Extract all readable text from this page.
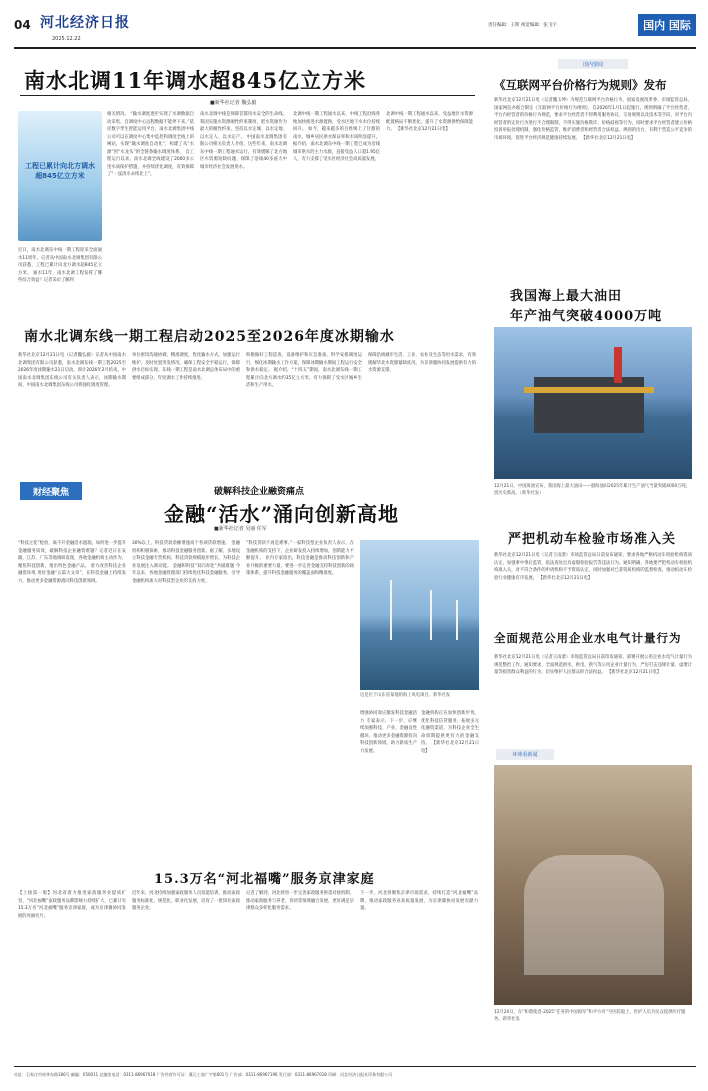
04 河北经济日报
2025.12.22
责任编辑：王斯 视觉编辑：张飞宇	国内 国际
南水北调11年调水超845亿立方米
■新华社记者 魏弘毅
工程已累计向北方调水 超845亿立方米
近日，南水北调东中线一期工程迎来全面通水11周年。记者从中国南水北调集团有限公司获悉，工程已累计向北方调水超845亿立方米。 通水11年，南水北调工程发挥了哪些综合效益？记者采访了解到
相关情况。 “输水调度逐步实现了水调数据自动采集、自调度中心远程数据不能停下来。”依托数字孪生智能运用平台，南水北调集团中线公司可以在调度中心集中监控和调度全线上的闸站，实现“输水调度自动化”，构建了从“水源”到“水龙头”的全链条输水调度体系。 自工程运行以来，南水北调全线建设了2000多公里水质保护措施，并持续优化调度，有效保障了“一泓清水永续北上”。
南水北调中线是保障首都用水安全的生命线。 我国实施水资源刚性约束制度，把水资源作为最大的刚性约束，坚持以水定城、以水定地、以水定人、以水定产。 中国南水北调集团有限公司相关负责人介绍，这些年来，南水北调东中线一期工程通水运行，有效缓解了北方地区水资源短缺问题，保障了沿线40多座大中城市经济社会发展用水。
北调中线一期工程通水以来，中线工程沿线各地加快推进水源置换，受水区地下水水位持续回升。 如今，越来越多的百姓喝上了甘甜的南水，城乡居民供水保证率和水质明显提升。 据介绍，南水北调东中线一期工程已成为沿线城市供水的主力水源，直接受益人口超1.95亿人，有力支撑了受水区经济社会高质量发展。
北调中线一期工程通水以来，受益地区水资源配置格局不断优化，提升了水资源供给保障能力。 【新华社北京12月21日电】
南水北调东线一期工程启动2025至2026年度冰期输水
新华社北京12月21日电（记者魏弘毅）记者从中国南水北调集团有限公司获悉，南水北调东线一期工程2025至2026年度冰期输水21日启动，预计2026年2月结束。中国南水北调集团东线公司有关负责人表示，冰期输水期间，中国南水北调集团东线公司将强化调度管理。
单位密切沟通协调，精准调度，优化输水方式，加强运行维护，及时处置突发情况，确保工程安全平稳运行，保障供水目标实现。东线一期工程是南水北调总体布局中的重要组成部分，年度调水工作持续推进。
积极做好工程巡查、设备维护和应急准备，科学安排调度运行，细化冰期输水工作方案，保障冰期输水期间工程运行安全和供水稳定。 据介绍，“十四五”期间，南水北调东线一期工程累计向北方调水约35亿立方米，有力保障了受水区城乡生活和生产用水。
保障沿线城市生活、工业、农业及生态等用水需求，有效缓解华北水资源紧缺状况，为京津冀协同发展提供有力的水资源支撑。
国内要闻
《互联网平台价格行为规则》发布
新华社北京12月21日电（记者魏玉坤）为规范互联网平台价格行为，国家发展改革委、市场监管总局、国家网信办联合制定《互联网平台价格行为规则》，自2026年1月1日起施行。规则明确了平台经营者、平台内经营者的价格行为规范，要求平台经营者不得利用服务协议、交易规则以及技术等手段，对平台内经营者的定价行为进行不合理限制，不得实施价格欺诈、价格歧视等行为，同时要求平台经营者建立价格投诉举报处理机制，强化价格监管，维护消费者和经营者合法权益。规则的出台，有利于营造公平竞争的市场环境，促进平台经济规范健康持续发展。 【新华社北京12月21日电】
我国海上最大油田
年产油气突破4000万吨
12月21日，中国海油宣布，我国海上最大油田——渤海油田2025年累计生产油气当量突破4000万吨，创历史新高。（新华社发）
严把机动车检验市场准入关
新华社北京12月21日电（记者王雨萧）市场监管总局日前发布通知，要求各地严格机动车检验机构资质认定，加强事中事后监管，依法查处出具虚假检验报告等违法行为。通知明确，各地要严把机动车检验机构准入关，对不符合条件的申请机构不予资质认定，同时加强对已获资质机构的监督检查，推动机动车检验行业健康有序发展。 【新华社北京12月21日电】
全面规范公用企业水电气计量行为
新华社北京12月21日电（记者王雨萧）市场监管总局日前印发通知，部署开展公用企业水电气计量行为规范整治工作。通知要求，全面规范供水、供电、供气等公用企业计量行为，严厉打击违规计量、虚增计量等损害群众利益的行为，切实维护人民群众的合法权益。 【新华社北京12月21日电】
财经聚焦	破解科技企业融资痛点
金融“活水”涌向创新高地
■新华社记者 吴丽 任军
“科技之花”绽放，离不开金融活水滋润。如何进一步提升金融服务质效，破解科技企业融资难题？记者近日在安徽、江苏、广东等地调研发现，各地金融机构主动作为，聚焦科技创新，推出特色金融产品。 着力改善科技企业融资环境 用好金融“五篇大文章”，在科技金融上持续发力，推动更多金融资源流向科技创新领域。
30%以上，科技贷款余额增速高于各项贷款增速。 金融机构积极探索，推动科技金融服务创新。据了解，多地设立科技金融专营机构，科技贷款规模稳步增长，为科技企业发展注入新动能。 金融和科技“双向奔赴”共破难题 今年以来，各地金融管理部门持续优化科技金融服务，引导金融机构加大对科技型企业的支持力度。
“科技贷款不再是难事。”一家科技型企业负责人表示，在金融机构的支持下，企业研发投入持续增加，创新能力不断提升。 业内专家指出，科技金融是推动科技创新和产业升级的重要力量，要进一步完善金融支持科技创新的政策体系，提升科技金融服务的覆盖面和精准度。
这是位于山东省某地的海上风电项目。新华社发
增强协同效应激发科技金融活力 专家表示，下一步，应继续加强科技、产业、金融良性循环，推动更多金融资源投向科技创新领域，助力新质生产力发展。
金融机构正在加快创新步伐，优化科技信贷服务，拓展多元化融资渠道，为科技企业全生命周期提供更有力的金融支持。 【新华社北京12月21日电】
15.3万名“河北福嘴”服务京津家庭
【上接第一版】河北省着力推进家政服务业提质扩容，“河北福嘴”家政服务品牌影响力持续扩大，已累计有15.3万名“河北福嘴”服务京津家庭，成为京津冀协同发展的亮丽名片。
近年来，河北持续加强家政服务人员技能培训，推动家政服务标准化、规范化、职业化发展，培育了一批知名家政服务企业。
记者了解到，河北将进一步完善家政服务供需对接机制，推动家政服务与养老、育幼等领域融合发展，更好满足京津群众多样化服务需求。
下一步，河北将聚焦京津市场需求，持续打造“河北福嘴”品牌，推动家政服务业高质量发展，为京津冀协同发展贡献力量。
环球看新闻
12月20日，在“和谐使者-2025”任务的中国海军“和平方舟”号医院船上，医护人员为民众提供医疗服务。新华社发
社址：石家庄市裕华东路186号 邮编：050011 总编室电话：0311-86967018 广告经营许可证：冀石工商广字第001号 广告部：0311-86967196 发行部：0311-86967018 印刷：河北经济日报社印务有限公司
